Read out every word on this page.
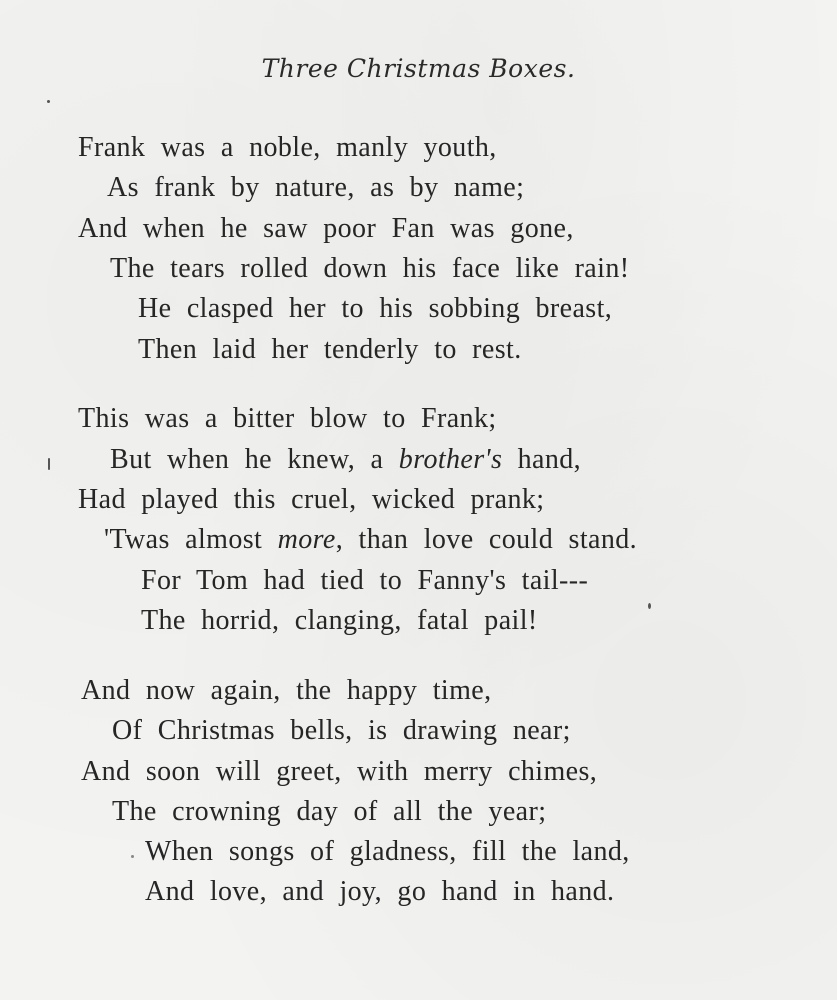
Three Christmas Boxes.
Frank was a noble, manly youth,
As frank by nature, as by name;
And when he saw poor Fan was gone,
The tears rolled down his face like rain!
He clasped her to his sobbing breast,
Then laid her tenderly to rest.
This was a bitter blow to Frank;
But when he knew, a brother's hand,
Had played this cruel, wicked prank;
'Twas almost more, than love could stand.
For Tom had tied to Fanny's tail---
The horrid, clanging, fatal pail!
And now again, the happy time,
Of Christmas bells, is drawing near;
And soon will greet, with merry chimes,
The crowning day of all the year;
When songs of gladness, fill the land,
And love, and joy, go hand in hand.
